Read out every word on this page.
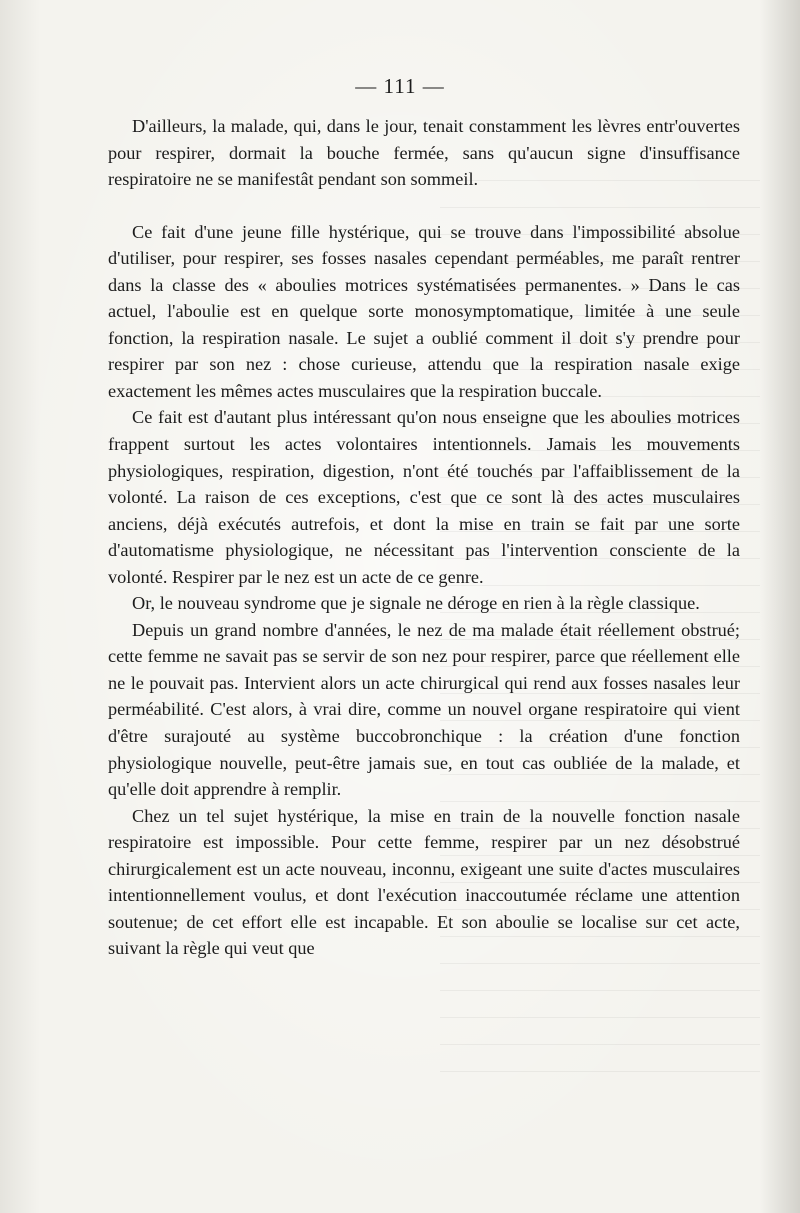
— 111 —

D'ailleurs, la malade, qui, dans le jour, tenait constamment les lèvres entr'ouvertes pour respirer, dormait la bouche fermée, sans qu'aucun signe d'insuffisance respiratoire ne se manifestât pendant son sommeil.

Ce fait d'une jeune fille hystérique, qui se trouve dans l'impossibilité absolue d'utiliser, pour respirer, ses fosses nasales cependant perméables, me paraît rentrer dans la classe des « aboulies motrices systématisées permanentes. » Dans le cas actuel, l'aboulie est en quelque sorte monosymptomatique, limitée à une seule fonction, la respiration nasale. Le sujet a oublié comment il doit s'y prendre pour respirer par son nez : chose curieuse, attendu que la respiration nasale exige exactement les mêmes actes musculaires que la respiration buccale.

Ce fait est d'autant plus intéressant qu'on nous enseigne que les aboulies motrices frappent surtout les actes volontaires intentionnels. Jamais les mouvements physiologiques, respiration, digestion, n'ont été touchés par l'affaiblissement de la volonté. La raison de ces exceptions, c'est que ce sont là des actes musculaires anciens, déjà exécutés autrefois, et dont la mise en train se fait par une sorte d'automatisme physiologique, ne nécessitant pas l'intervention consciente de la volonté. Respirer par le nez est un acte de ce genre.

Or, le nouveau syndrome que je signale ne déroge en rien à la règle classique.

Depuis un grand nombre d'années, le nez de ma malade était réellement obstrué; cette femme ne savait pas se servir de son nez pour respirer, parce que réellement elle ne le pouvait pas. Intervient alors un acte chirurgical qui rend aux fosses nasales leur perméabilité. C'est alors, à vrai dire, comme un nouvel organe respiratoire qui vient d'être surajouté au système buccobronchique : la création d'une fonction physiologique nouvelle, peut-être jamais sue, en tout cas oubliée de la malade, et qu'elle doit apprendre à remplir.

Chez un tel sujet hystérique, la mise en train de la nouvelle fonction nasale respiratoire est impossible. Pour cette femme, respirer par un nez désobstrué chirurgicalement est un acte nouveau, inconnu, exigeant une suite d'actes musculaires intentionnellement voulus, et dont l'exécution inaccoutumée réclame une attention soutenue; de cet effort elle est incapable. Et son aboulie se localise sur cet acte, suivant la règle qui veut que
